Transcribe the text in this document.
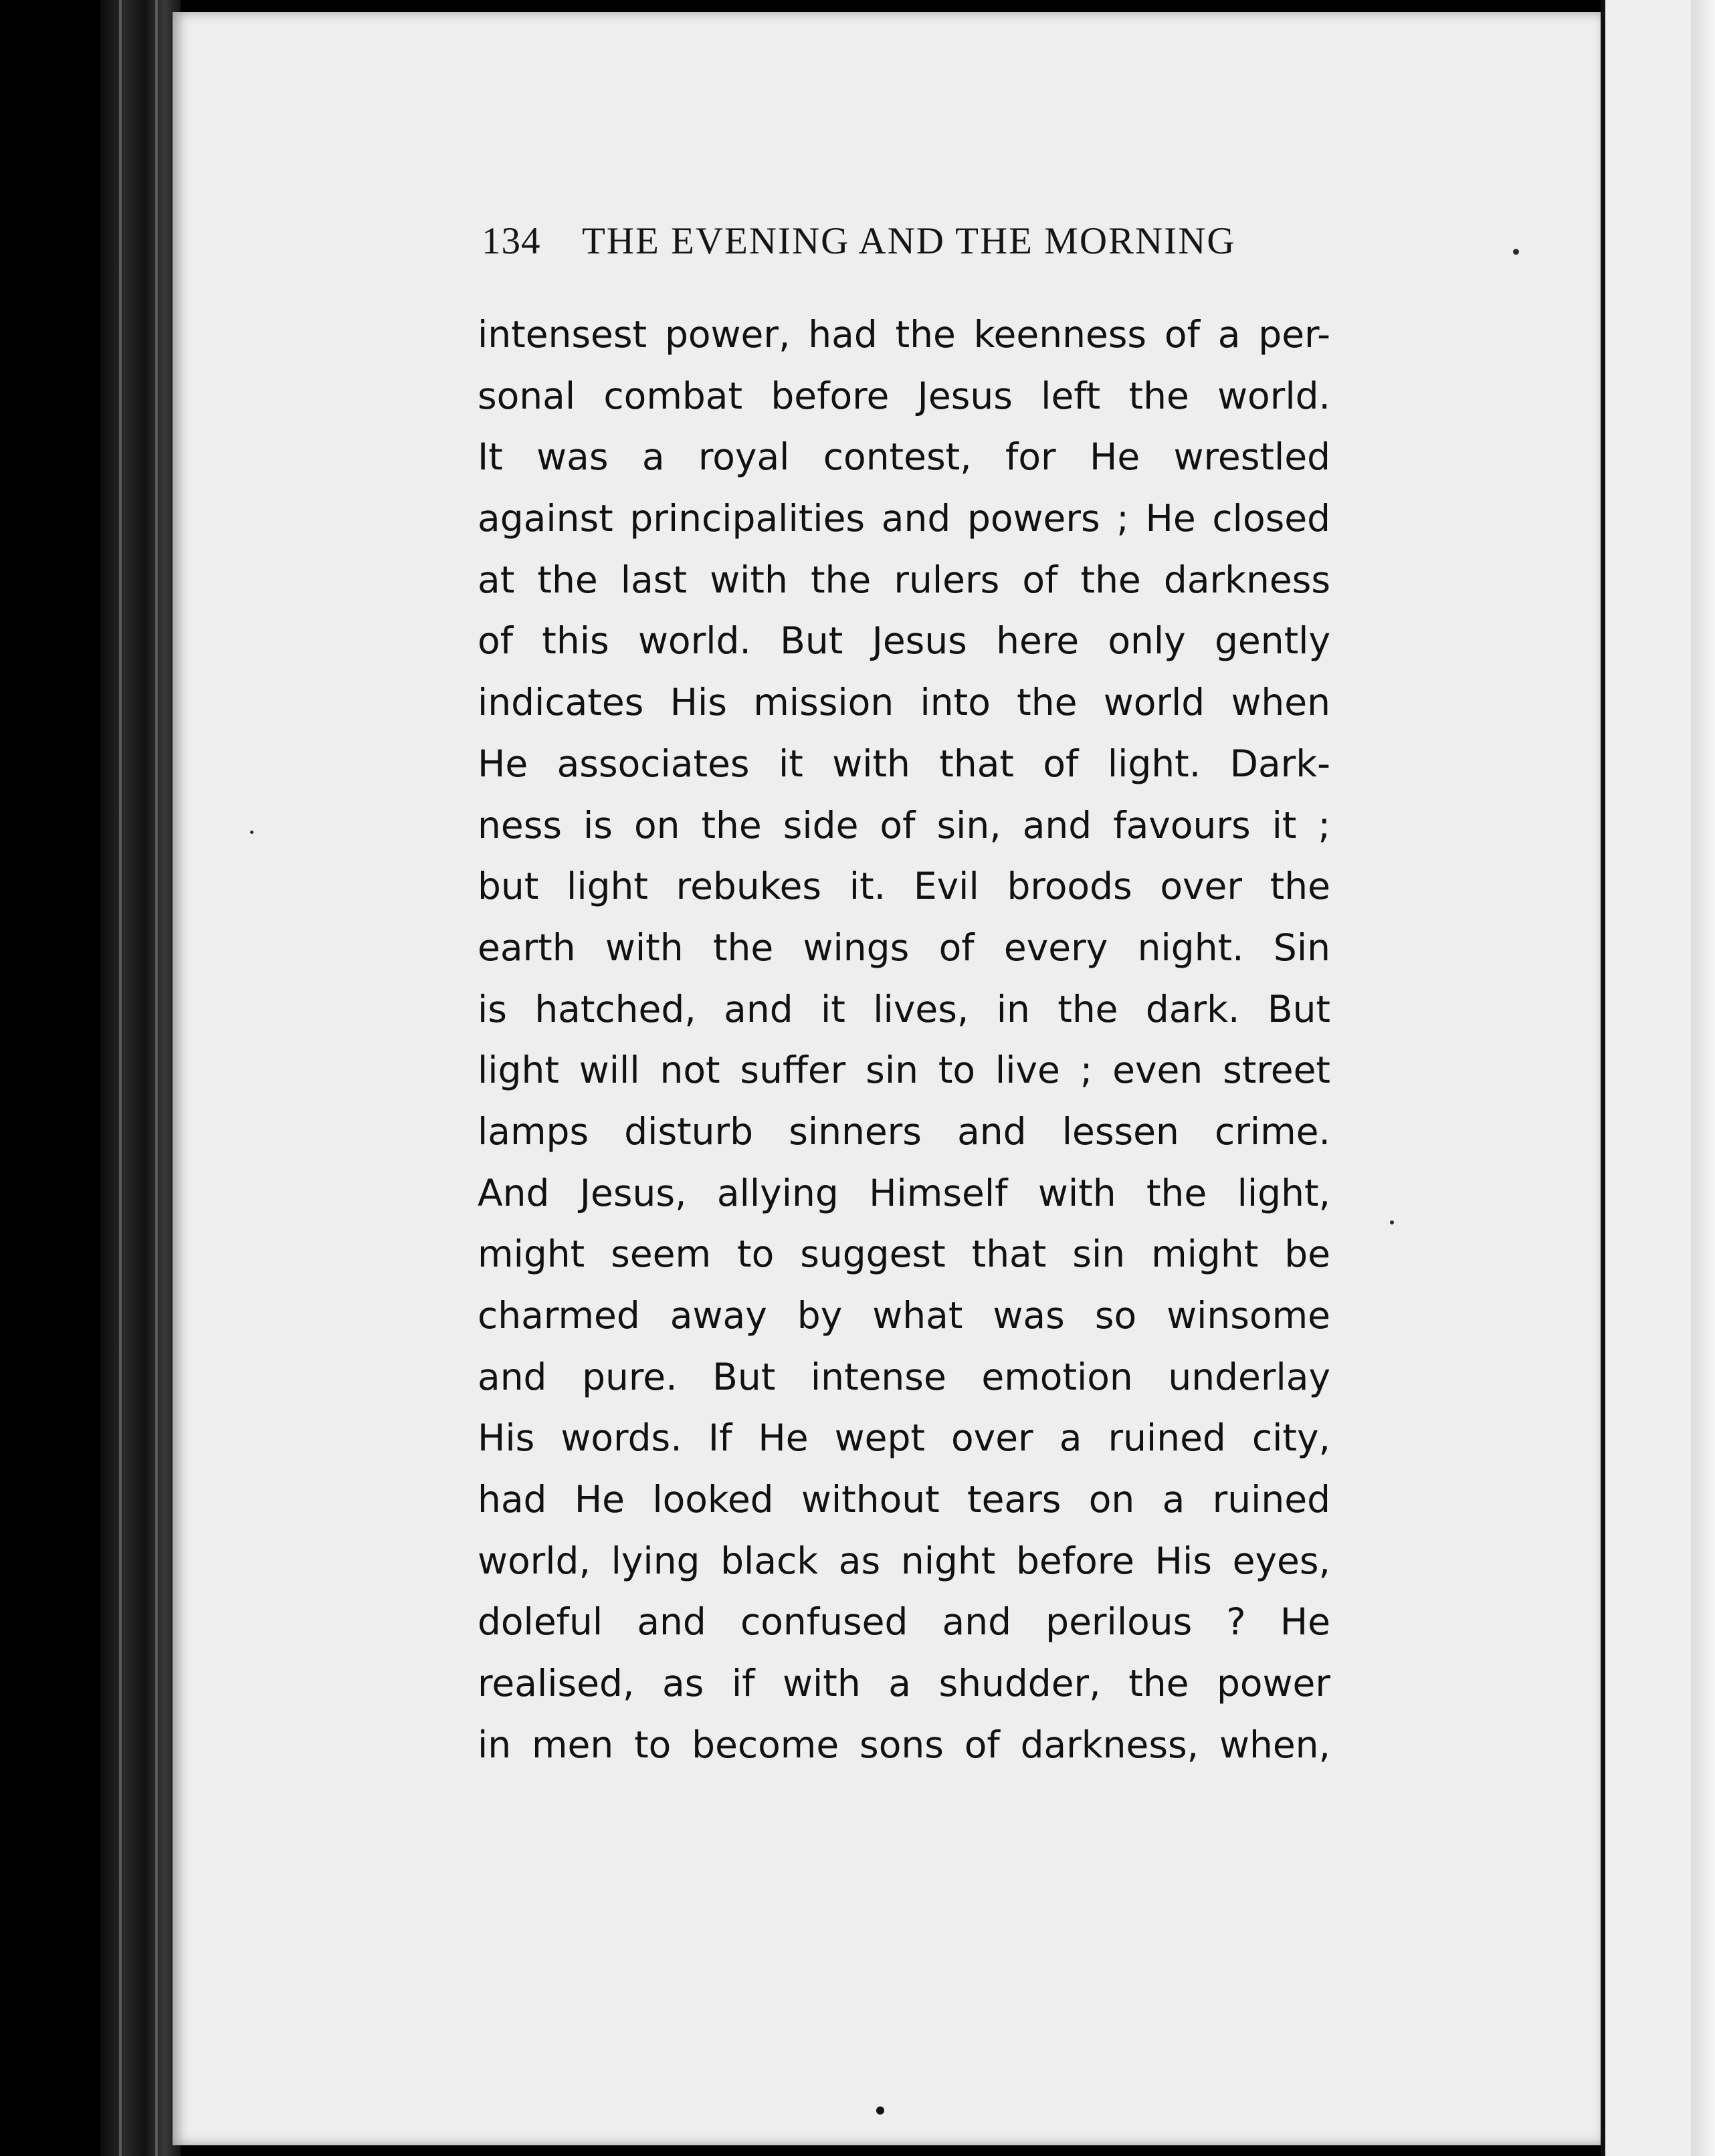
134 THE EVENING AND THE MORNING
intensest power, had the keenness of a per-
sonal combat before Jesus left the world.
It was a royal contest, for He wrestled
against principalities and powers ; He closed
at the last with the rulers of the darkness
of this world. But Jesus here only gently
indicates His mission into the world when
He associates it with that of light. Dark-
ness is on the side of sin, and favours it ;
but light rebukes it. Evil broods over the
earth with the wings of every night. Sin
is hatched, and it lives, in the dark. But
light will not suffer sin to live ; even street
lamps disturb sinners and lessen crime.
And Jesus, allying Himself with the light,
might seem to suggest that sin might be
charmed away by what was so winsome
and pure. But intense emotion underlay
His words. If He wept over a ruined city,
had He looked without tears on a ruined
world, lying black as night before His eyes,
doleful and confused and perilous ? He
realised, as if with a shudder, the power
in men to become sons of darkness, when,
